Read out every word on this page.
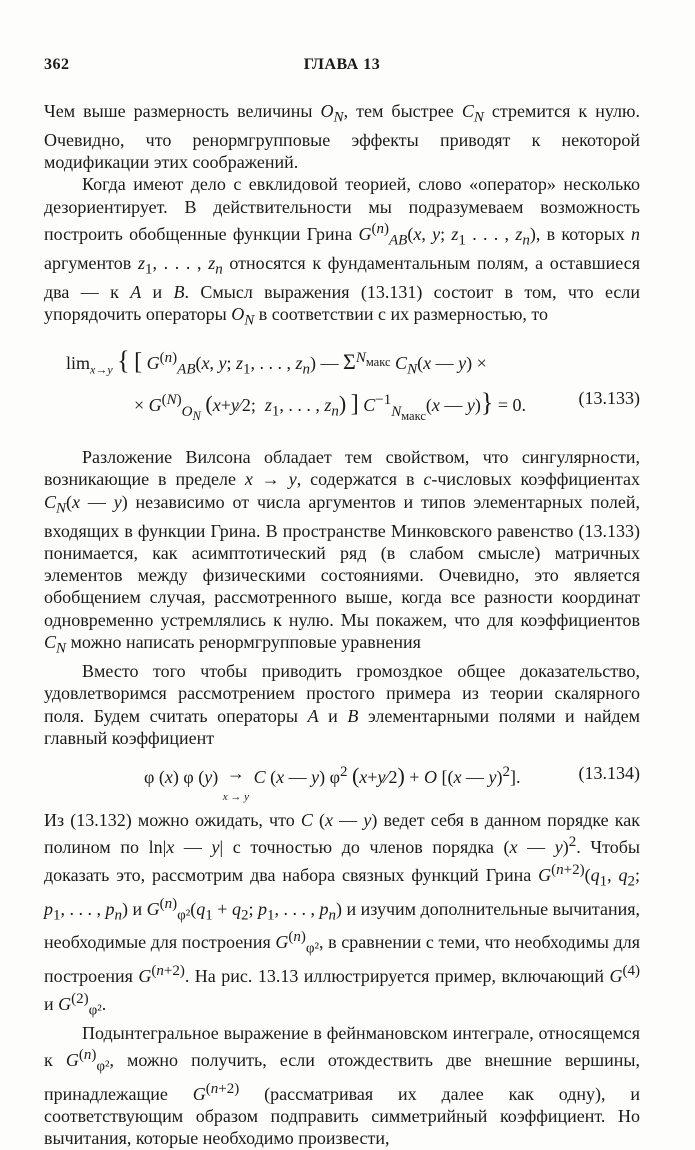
362	ГЛАВА 13

Чем выше размерность величины $O_N$, тем быстрее $C_N$ стремится к нулю. Очевидно, что ренормгрупповые эффекты приводят к некоторой модификации этих соображений.

Когда имеют дело с евклидовой теорией, слово «оператор» несколько дезориентирует. В действительности мы подразумеваем возможность построить обобщенные функции Грина $G^{(n)}_{AB}(x$, y; $z_1$ . . . , $z_n$), в которых n аргументов $z_1$, . . . , $z_n$ относятся к фундаментальным полям, а оставшиеся два — к A и B. Смысл выражения (13.131) состоит в том, что если упорядочить операторы $O_N$ в соответствии с их размерностью, то

$\lim_{x\to y}$ { [ $G^{(n)}_{AB}(x$, y; $z_1$, . . . , $z_n$) — $\Sigma^{N_{макс}}$ $C_N(x$ — y) ×
× $G^{(N)}_{O_N}$ (x+y⁄2;  $z_1$, . . . , $z_n$) ] $C^{-1}_{N_{макс}}(x$ — y)} = 0.	(13.133)

Разложение Вилсона обладает тем свойством, что сингулярности, возникающие в пределе x → y, содержатся в c-числовых коэффициентах $C_N(x$ — y) независимо от числа аргументов и типов элементарных полей, входящих в функции Грина. В пространстве Минковского равенство (13.133) понимается, как асимптотический ряд (в слабом смысле) матричных элементов между физическими состояниями. Очевидно, это является обобщением случая, рассмотренного выше, когда все разности координат одновременно устремлялись к нулю. Мы покажем, что для коэффициентов $C_N$ можно написать ренормгрупповые уравнения

Вместо того чтобы приводить громоздкое общее доказательство, удовлетворимся рассмотрением простого примера из теории скалярного поля. Будем считать операторы A и B элементарными полями и найдем главный коэффициент

φ (x) φ (y) →
x → y C (x — y) $\varphi^2$ (x+y⁄2) + O [(x — y)$^2$].	(13.134)

Из (13.132) можно ожидать, что C (x — y) ведет себя в данном порядке как полином по ln|x — y| с точностью до членов порядка (x — y)$^2$. Чтобы доказать это, рассмотрим два набора связных функций Грина $G^{(n+2)}(q_1$, $q_2$; $p_1$, . . . , $p_n$) и $G^{(n)}_{\varphi^2}(q_1 + q_2$; $p_1$, . . . , $p_n$) и изучим дополнительные вычитания, необходимые для построения $G^{(n)}_{\varphi^2}$, в сравнении с теми, что необходимы для построения $G^{(n+2)}$. На рис. 13.13 иллюстрируется пример, включающий $G^{(4)}$ и $G^{(2)}_{\varphi^2}$.

Подынтегральное выражение в фейнмановском интеграле, относящемся к $G^{(n)}_{\varphi^2}$, можно получить, если отождествить две внешние вершины, принадлежащие $G^{(n+2)}$ (рассматривая их далее как одну), и соответствующим образом подправить симметрийный коэффициент. Но вычитания, которые необходимо произвести,
